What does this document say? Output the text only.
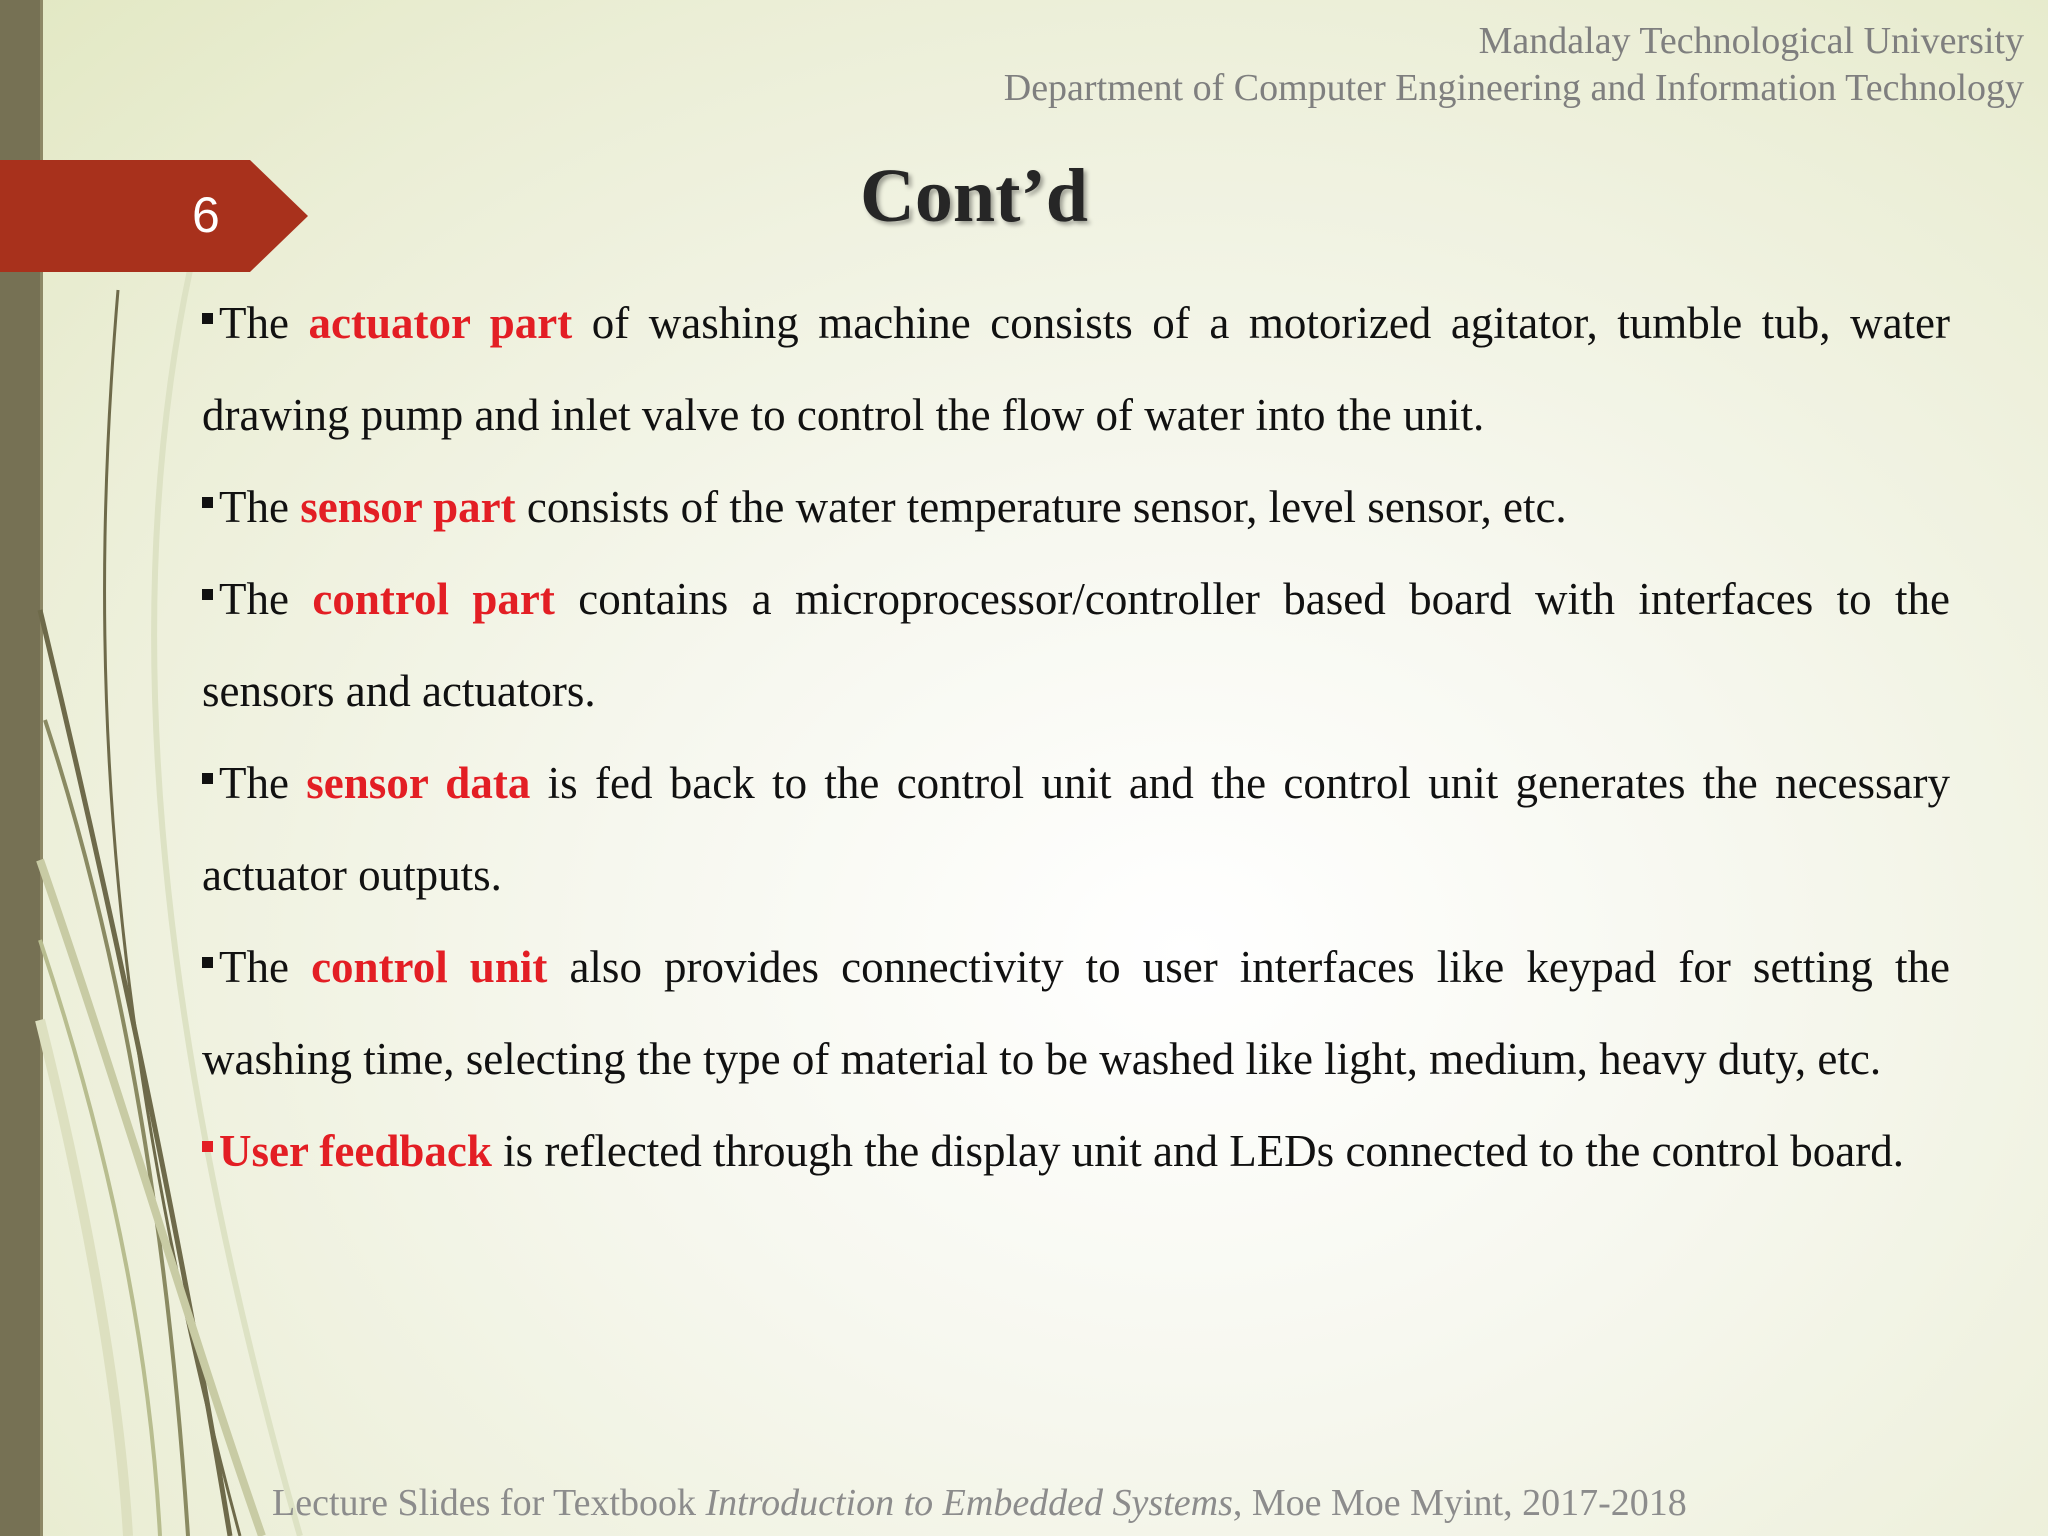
Mandalay Technological University
Department of Computer Engineering and Information Technology
6	Cont’d

The actuator part of washing machine consists of a motorized agitator, tumble tub, water drawing pump and inlet valve to control the flow of water into the unit.

The sensor part consists of the water temperature sensor, level sensor, etc.

The control part contains a microprocessor/controller based board with interfaces to the sensors and actuators.

The sensor data is fed back to the control unit and the control unit generates the necessary actuator outputs.

The control unit also provides connectivity to user interfaces like keypad for setting the washing time, selecting the type of material to be washed like light, medium, heavy duty, etc.

User feedback is reflected through the display unit and LEDs connected to the control board.

Lecture Slides for Textbook Introduction to Embedded Systems, Moe Moe Myint, 2017-2018
